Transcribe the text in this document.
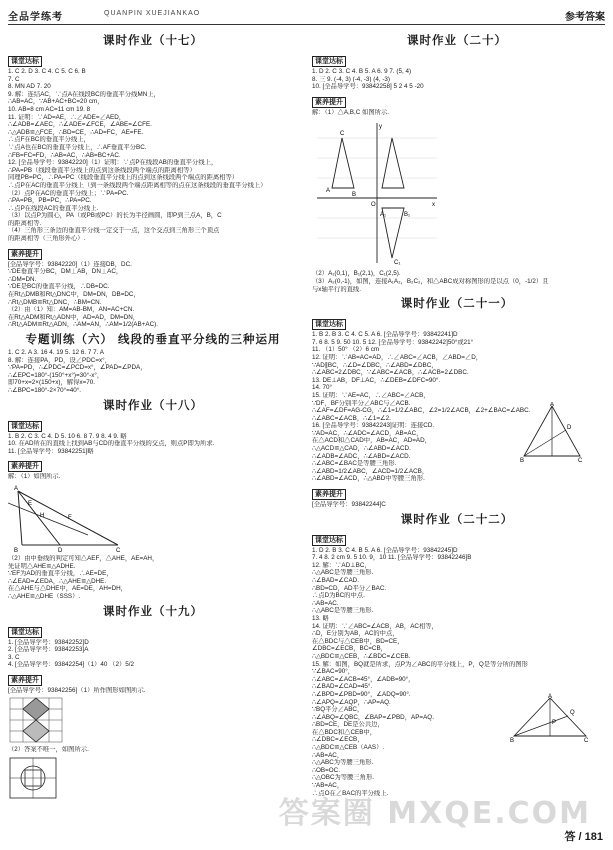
全品学练考	QUANPIN XUEJIANKAO	参考答案
课时作业（十七）
课堂达标
1. C 2. D 3. C 4. C 5. C 6. B
7. C
8. MN AD 7. 20
9. 解：连结AC，∵点A在线段BC的垂直平分线MN上，
∴AB=AC，∵AB+AC+BC=20 cm，
10. AB=8 cm AC=11 cm 19. 8
11. 证明：∵AD=AE，∴∠ADE=∠AED，
∴∠ADB=∠AEC，∴∠ADE=∠FCE，∠ABE=∠CFE.
∴△ADB≌△FCE，∴BD=CE，∴AD=FC，AE=FE.
∴点F在BC的垂直平分线上，
∵点A也在BC的垂直平分线上，∴AF垂直平分BC.
∴FB=FC=FD，∴AB=AC，∴AB=BC+AC.
12. [全品导学号：93842220]（1）证明：∵点P在线段AB的垂直平分线上，
∴PA=PB（线段垂直平分线上的点到这条线段两个端点的距离相等）
同理PB=PC，∴PA=PC（线段垂直平分线上的点到这条线段两个端点的距离相等）
∴点P在AC的垂直平分线上（到一条线段两个端点距离相等的点在这条线段的垂直平分线上）
（2）点P在AC的垂直平分线上；∵PA=PC.
∴PA=PB，PB=PC，∴PA=PC.
∴点P在线段AC的垂直平分线上.
（3）以点P为圆心，PA（或PB或PC）的长为半径画圆，即P到三点A，B，C
的距离相等.
（4）三角形三条边的垂直平分线一定交于一点，这个交点到三角形三个顶点
的距离相等（三角形外心）.
素养提升
[全品导学号：93842220]（1）连接DB，DC.
∵DE垂直平分BC，DM⊥AB，DN⊥AC，
∴DM=DN.
∵DE是BC的垂直平分线，∴DB=DC.
在Rt△DMB和Rt△DNC中，DM=DN，DB=DC，
∴Rt△DMB≌Rt△DNC，∴BM=CN.
（2）由（1）知：AM=AB-BM，AN=AC+CN.
在Rt△ADM和Rt△ADN中，AD=AD，DM=DN，
∴Rt△ADM≌Rt△ADN，∴AM=AN，∴AM=1/2(AB+AC).
专题训练（六） 线段的垂直平分线的三种运用
1. C 2. A 3. 16 4. 19 5. 12 6. 7 7. A
8. 解：连接PA，PD，设∠PDC=x°，
∵PA=PD，∴∠PDC=∠PCD=x°，∠PAD=∠PDA，
∴∠EPC=180°-(150°+x°)=30°-x°，
即70+x=2×(150+x)，解得x=70.
∴∠BPC=180°-2×70°=40°.
课时作业（十八）
课堂达标
1. B 2. C 3. C 4. D 5. 10 6. 8 7. 9 8. 4 9. 略
10. 在AD所在的直线上找到AB与CD的垂直平分线的交点，则点P即为所求.
11. [全品导学号：93842251]略
素养提升
解：（1）如图所示.
A
E
H	F
B	D	C
（2）由中垂线的判定可知△AEF，△AHE，AE=AH，
先证明△AHE≌△ADHE.
∵EF为AD的垂直平分线，∴AE=DE，
∴∠EAD=∠EDA，∴△AHE≌△DHE.
在△AHE与△DHE中，AE=DE，AH=DH，
∴△AHE≌△DHE（SSS）.
课时作业（十九）
课堂达标
1. [全品导学号：93842252]D
2. [全品导学号：93842253]A
3. C
4. [全品导学号：93842254]（1）40 （2）5/2
素养提升
[全品导学号：93842256]（1）所作图形如图所示.
（2）答案不唯一，如图所示.
课时作业（二十）
课堂达标
1. D 2. C 3. C 4. B 5. A 6. 9 7. (5, 4)
8. 三 9. (-4, 3) (-4, -3) (4, -3)
10. [全品导学号：93842258] 5 2 4 5 -20
素养提升
解：（1）△A,B,C 如图所示.
y
x
O
A
B
C
A₁	B₁
C₁
（2）A₁(0,1)，B₁(2,1)，C₁(2,5).
（3）A₂(0,-1)，如图，连接A₁A₂，B₂C₂，和△ABC成对称图形的是以点（0，-1/2）且
与x轴平行的直线.
课时作业（二十一）
课堂达标
1. B 2. B 3. C 4. C 5. A 6. [全品导学号：93842241]D
7. 6 8. 5 9. 50 10. 5 12. [全品导学号：93842242]50°或21°
11. （1）50° （2）6 cm
12. 证明：∵AB=AC=AD，∴∠ABC=∠ACB，∠ABD=∠D，
∵AD∥BC，∴∠D=∠DBC，∴∠ABD=∠DBC，
∴∠ABC=2∠DBC，∵∠ABC=∠ACB，∴∠ACB=2∠DBC.
13. DE⊥AB，DF⊥AC，∴∠DEB=∠DFC=90°.
14. 70°
15. 证明：∵AE=AC，∴∠ABC=∠ACB，
∵DF，BF分别平分∠ABC与∠ACB.
∴∠AF=∠DF=AG-CG，∴∠1=1/2∠ABC，∠2=1/2∠ACB，∠2+∠BAC=∠ABC.
∴∠ABC=∠ACB，∴∠1=∠2.
16. [全品导学号：93842243]证明：连接CD.
∵AD=AC，∴∠ADC=∠ACD，AB=AC，
在△ACD和△CAD中，AB=AC，AD=AD，
∴△ACD≌△CAD，∴∠ABD=∠ACD.
∴∠ADB=∠ADC，∴∠ABD=∠ACD.
∴∠ABC=∠BAC是等腰三角形.
∴∠ABD=1/2∠ABC，∠ACD=1/2∠ACB，
∴∠ABD=∠ACD，∴△ABD中等腰三角形.
素养提升
[全品导学号：93842244]C
课时作业（二十二）
课堂达标
1. D 2. B 3. C 4. B 5. A 6. [全品导学号：93842245]D
7. 4 8. 2 cm 9. 5 10. 9，10 11. [全品导学号：93842246]B
12. 解：∵AD⊥BC，
∴△ABC是等腰三角形.
∴∠BAD=∠CAD.
∴BD=CD，AD平分∠BAC.
∴点D为BC的中点.
∴AB=AC.
∴△ABC是等腰三角形.
13. 略
14. 证明：∵∠ABC=∠ACB，AB，AC相等，
∴D，E分别为AB，AC的中点，
在△BDC与△CEB中，BD=CE，
∠DBC=∠ECB，BC=CB，
∴△BDC≌△CEB，∴∠BDC=∠CEB.
15. 解：如图，BQ就是所求，点P为∠ABC的平分线上，P，Q是等分所的图形
∵∠BAC=90°，
∴∠ABC=∠ACB=45°，∠ADB=90°，
∴∠BAD=∠CAD=45°.
∴∠BPD=∠PBD=90°，∠ADQ=90°.
∴∠APQ=∠AQP，∴AP=AQ.
∵BQ平分∠ABC，
∴∠ABQ=∠QBC，∠BAP=∠PBD，AP=AQ.
∴BD=CE，DE是公共边，
在△BDC和△CEB中，
∴∠DBC=∠ECB，
∴△BDC≌△CEB（AAS）.
∴AB=AC，
∴△ABC为等腰三角形.
∴OB=OC.
∴△OBC为等腰三角形.
∵AB=AC，
∴点O在∠BAC的平分线上.
A
B	C
D
A
B	C
P
Q
答案圈 MXQE.COM
答 / 181
